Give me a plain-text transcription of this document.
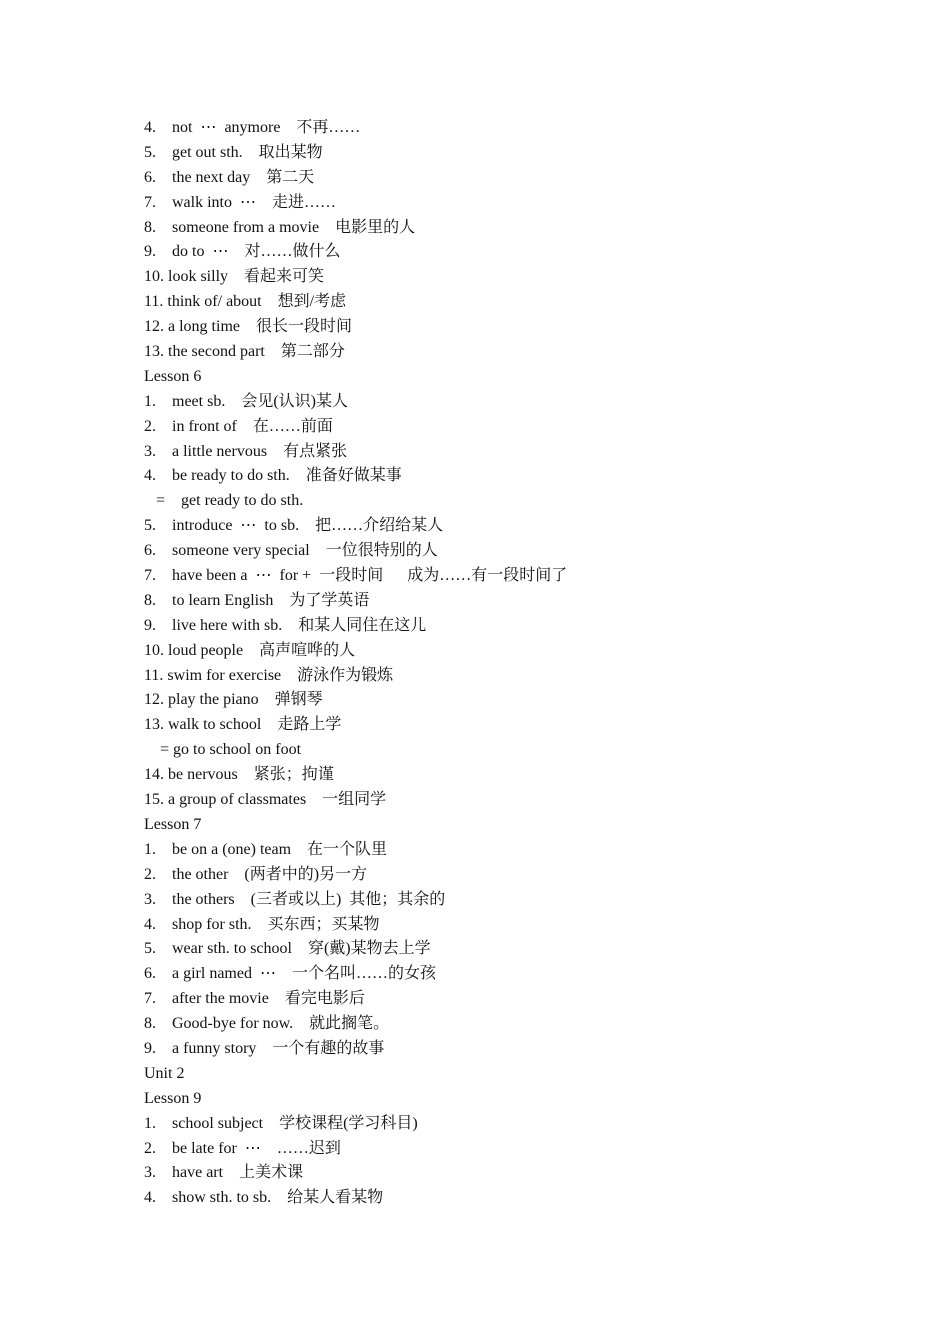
4.    not  ⋯  anymore    不再……
5.    get out sth.    取出某物
6.    the next day    第二天
7.    walk into  ⋯    走进……
8.    someone from a movie    电影里的人
9.    do to  ⋯    对……做什么
10. look silly    看起来可笑
11. think of/ about    想到/考虑
12. a long time    很长一段时间
13. the second part    第二部分
Lesson 6
1.    meet sb.    会见(认识)某人
2.    in front of    在……前面
3.    a little nervous    有点紧张
4.    be ready to do sth.    准备好做某事
=    get ready to do sth.
5.    introduce  ⋯  to sb.    把……介绍给某人
6.    someone very special    一位很特别的人
7.    have been a  ⋯  for +  一段时间      成为……有一段时间了
8.    to learn English    为了学英语
9.    live here with sb.    和某人同住在这儿
10. loud people    高声喧哗的人
11. swim for exercise    游泳作为锻炼
12. play the piano    弹钢琴
13. walk to school    走路上学
= go to school on foot
14. be nervous    紧张；拘谨
15. a group of classmates    一组同学
Lesson 7
1.    be on a (one) team    在一个队里
2.    the other    (两者中的)另一方
3.    the others    (三者或以上)  其他；其余的
4.    shop for sth.    买东西；买某物
5.    wear sth. to school    穿(戴)某物去上学
6.    a girl named  ⋯    一个名叫……的女孩
7.    after the movie    看完电影后
8.    Good-bye for now.    就此搁笔。
9.    a funny story    一个有趣的故事
Unit 2
Lesson 9
1.    school subject    学校课程(学习科目)
2.    be late for  ⋯    ……迟到
3.    have art    上美术课
4.    show sth. to sb.    给某人看某物
